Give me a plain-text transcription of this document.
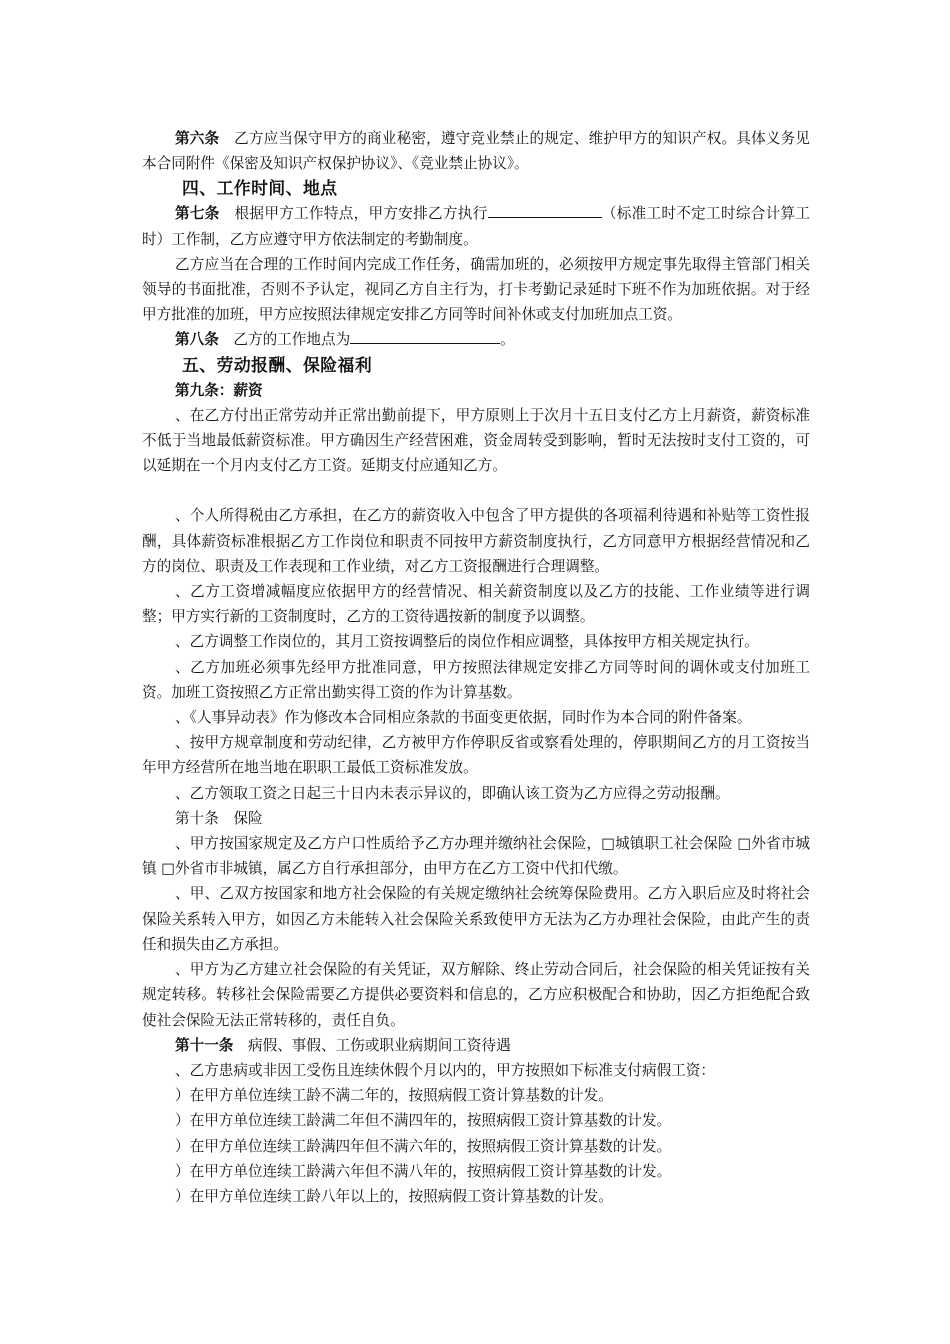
第六条　 乙方应当保守甲方的商业秘密，遵守竞业禁止的规定、维护甲方的知识产权。具体义务见本合同附件《保密及知识产权保护协议》、《竞业禁止协议》。

四、工作时间、地点

第七条　 根据甲方工作特点，甲方安排乙方执行	（标准工时不定工时综合计算工时）工作制，乙方应遵守甲方依法制定的考勤制度。

乙方应当在合理的工作时间内完成工作任务，确需加班的，必须按甲方规定事先取得主管部门相关领导的书面批准，否则不予认定，视同乙方自主行为，打卡考勤记录延时下班不作为加班依据。对于经甲方批准的加班，甲方应按照法律规定安排乙方同等时间补休或支付加班加点工资。

第八条　 乙方的工作地点为	。

五、劳动报酬、保险福利

第九条：薪资

、在乙方付出正常劳动并正常出勤前提下，甲方原则上于次月十五日支付乙方上月薪资，薪资标准不低于当地最低薪资标准。甲方确因生产经营困难，资金周转受到影响，暂时无法按时支付工资的，可以延期在一个月内支付乙方工资。延期支付应通知乙方。

、个人所得税由乙方承担，在乙方的薪资收入中包含了甲方提供的各项福利待遇和补贴等工资性报酬，具体薪资标准根据乙方工作岗位和职责不同按甲方薪资制度执行，乙方同意甲方根据经营情况和乙方的岗位、职责及工作表现和工作业绩，对乙方工资报酬进行合理调整。

、乙方工资增减幅度应依据甲方的经营情况、相关薪资制度以及乙方的技能、工作业绩等进行调整；甲方实行新的工资制度时，乙方的工资待遇按新的制度予以调整。

、乙方调整工作岗位的，其月工资按调整后的岗位作相应调整，具体按甲方相关规定执行。

、乙方加班必须事先经甲方批准同意，甲方按照法律规定安排乙方同等时间的调休或支付加班工资。加班工资按照乙方正常出勤实得工资的作为计算基数。

、《人事异动表》作为修改本合同相应条款的书面变更依据，同时作为本合同的附件备案。

、按甲方规章制度和劳动纪律，乙方被甲方作停职反省或察看处理的，停职期间乙方的月工资按当年甲方经营所在地当地在职职工最低工资标准发放。

、乙方领取工资之日起三十日内未表示异议的，即确认该工资为乙方应得之劳动报酬。

第十条　保险

、甲方按国家规定及乙方户口性质给予乙方办理并缴纳社会保险，□城镇职工社会保险 □外省市城镇 □外省市非城镇，属乙方自行承担部分，由甲方在乙方工资中代扣代缴。

、甲、乙双方按国家和地方社会保险的有关规定缴纳社会统筹保险费用。乙方入职后应及时将社会保险关系转入甲方，如因乙方未能转入社会保险关系致使甲方无法为乙方办理社会保险，由此产生的责任和损失由乙方承担。

、甲方为乙方建立社会保险的有关凭证，双方解除、终止劳动合同后，社会保险的相关凭证按有关规定转移。转移社会保险需要乙方提供必要资料和信息的，乙方应积极配合和协助，因乙方拒绝配合致使社会保险无法正常转移的，责任自负。

第十一条　 病假、事假、工伤或职业病期间工资待遇

、乙方患病或非因工受伤且连续休假个月以内的，甲方按照如下标准支付病假工资：

）在甲方单位连续工龄不满二年的，按照病假工资计算基数的计发。

）在甲方单位连续工龄满二年但不满四年的，按照病假工资计算基数的计发。

）在甲方单位连续工龄满四年但不满六年的，按照病假工资计算基数的计发。

）在甲方单位连续工龄满六年但不满八年的，按照病假工资计算基数的计发。

）在甲方单位连续工龄八年以上的，按照病假工资计算基数的计发。
